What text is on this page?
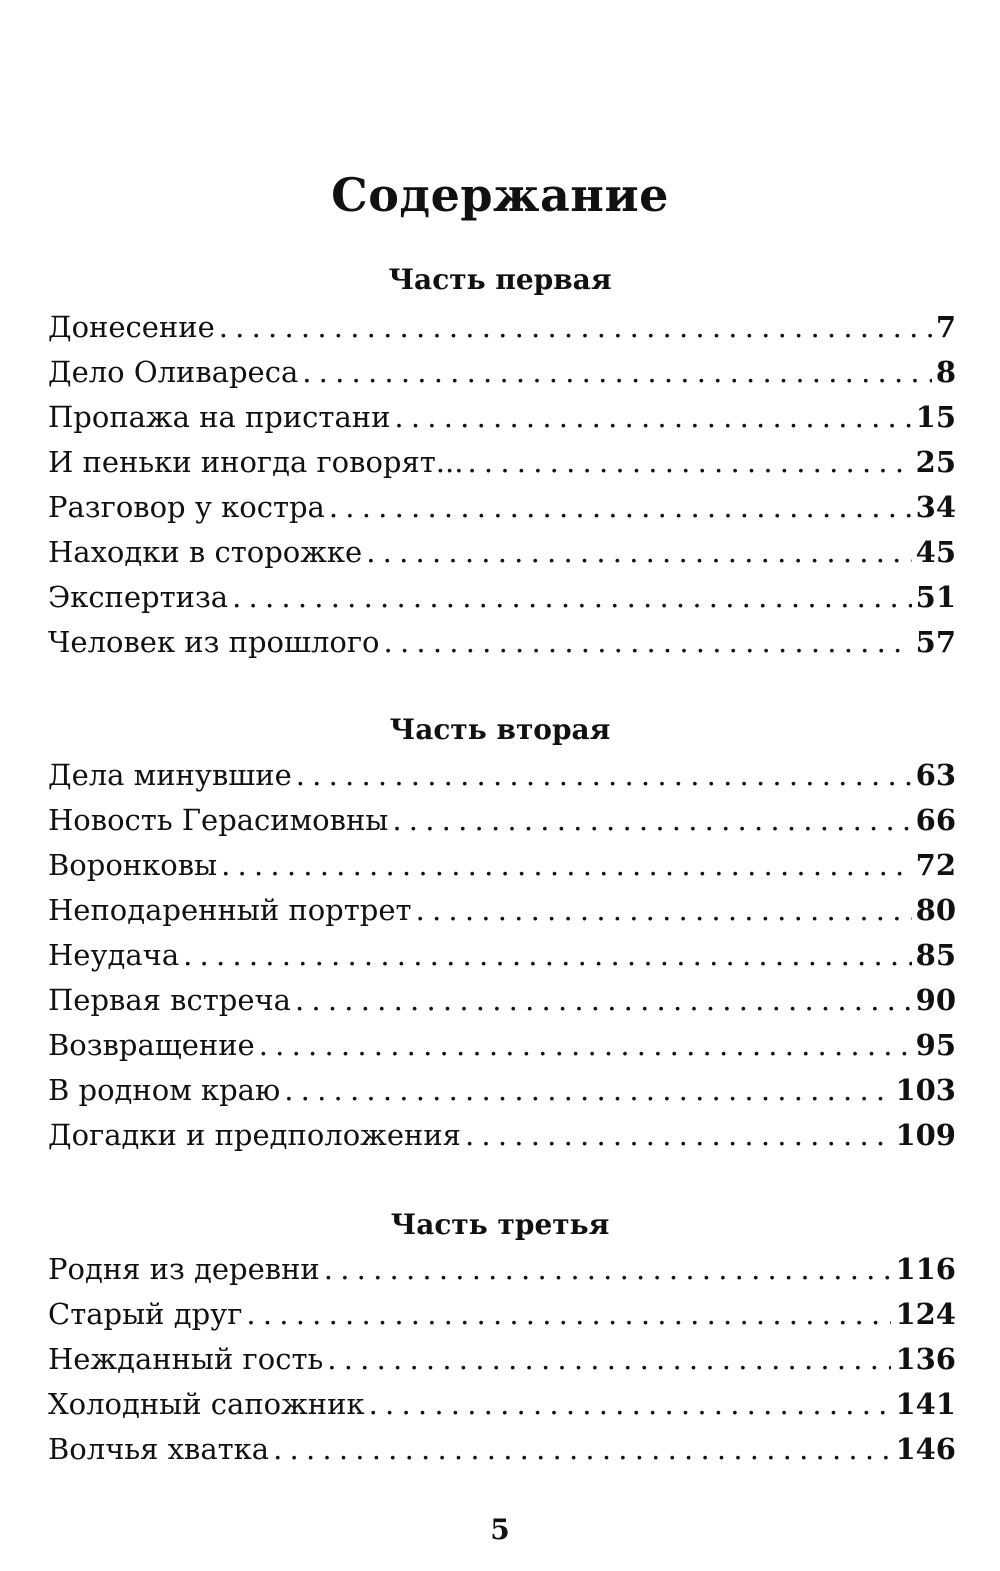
Содержание
Часть первая
Донесение . . .	7
Дело Оливареса . . .	8
Пропажа на пристани . . .	15
И пеньки иногда говорят... . . .	25
Разговор у костра . . .	34
Находки в сторожке . . .	45
Экспертиза . . .	51
Человек из прошлого . . .	57
Часть вторая
Дела минувшие . . .	63
Новость Герасимовны . . .	66
Воронковы . . .	72
Неподаренный портрет . . .	80
Неудача . . .	85
Первая встреча . . .	90
Возвращение . . .	95
В родном краю . . .	103
Догадки и предположения . . .	109
Часть третья
Родня из деревни . . .	116
Старый друг . . .	124
Нежданный гость . . .	136
Холодный сапожник . . .	141
Волчья хватка . . .	146
5
